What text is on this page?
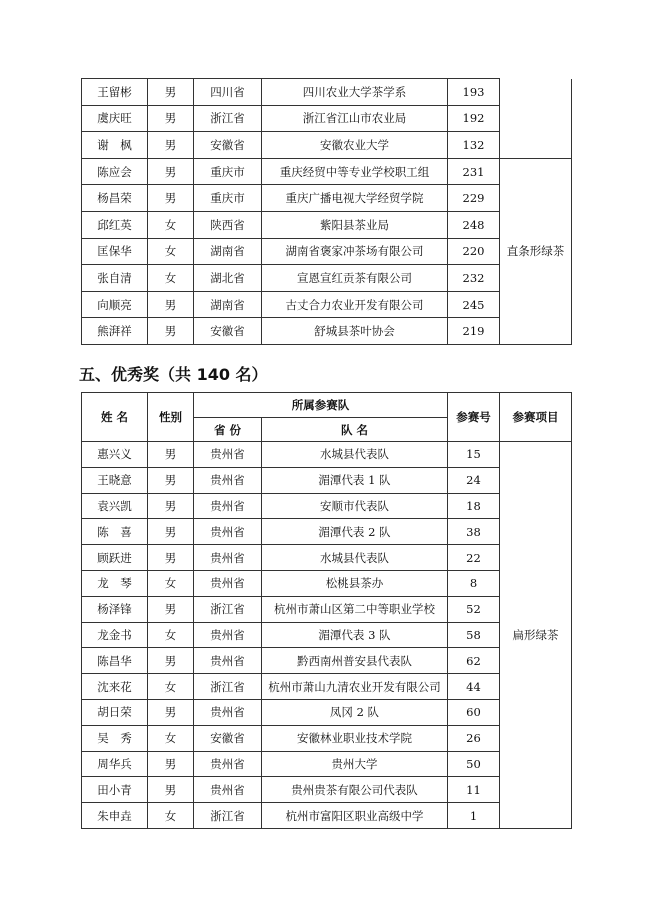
王留彬	男	四川省	四川农业大学茶学系	193	
虞庆旺	男	浙江省	浙江省江山市农业局	192	
谢　枫	男	安徽省	安徽农业大学	132	
陈应会	男	重庆市	重庆经贸中等专业学校职工组	231	直条形绿茶
杨昌荣	男	重庆市	重庆广播电视大学经贸学院	229	
邱红英	女	陕西省	紫阳县茶业局	248	
匡保华	女	湖南省	湖南省褒家冲茶场有限公司	220	
张自清	女	湖北省	宣恩宣红贡茶有限公司	232	
向顺亮	男	湖南省	古丈合力农业开发有限公司	245	
熊湃祥	男	安徽省	舒城县茶叶协会	219	
五、优秀奖（共 140 名）
姓 名	性别	所属参赛队		参赛号	参赛项目
		省 份	队 名		
惠兴义	男	贵州省	水城县代表队	15	扁形绿茶
王晓意	男	贵州省	湄潭代表 1 队	24	
袁兴凯	男	贵州省	安顺市代表队	18	
陈　喜	男	贵州省	湄潭代表 2 队	38	
顾跃进	男	贵州省	水城县代表队	22	
龙　琴	女	贵州省	松桃县茶办	8	
杨泽锋	男	浙江省	杭州市萧山区第二中等职业学校	52	
龙金书	女	贵州省	湄潭代表 3 队	58	
陈昌华	男	贵州省	黔西南州普安县代表队	62	
沈来花	女	浙江省	杭州市萧山九清农业开发有限公司	44	
胡日荣	男	贵州省	凤冈 2 队	60	
吴　秀	女	安徽省	安徽林业职业技术学院	26	
周华兵	男	贵州省	贵州大学	50	
田小青	男	贵州省	贵州贵茶有限公司代表队	11	
朱申垚	女	浙江省	杭州市富阳区职业高级中学	1	
